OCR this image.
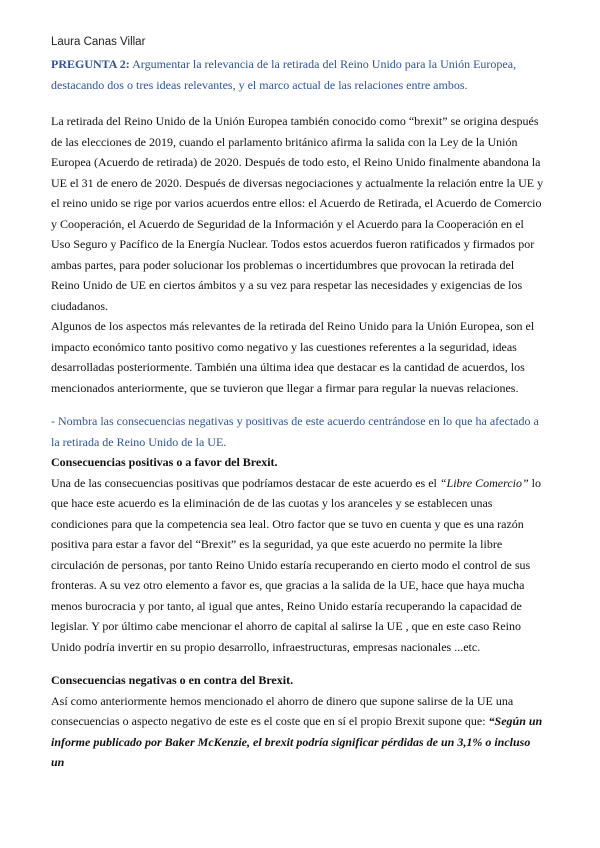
Laura Canas Villar

PREGUNTA 2: Argumentar la relevancia de la retirada del Reino Unido para la Unión Europea, destacando dos o tres ideas relevantes, y el marco actual de las relaciones entre ambos.

La retirada del Reino Unido de la Unión Europea también conocido como “brexit” se origina después de las elecciones de 2019, cuando el parlamento británico afirma la salida con la Ley de la Unión Europea (Acuerdo de retirada) de 2020. Después de todo esto, el Reino Unido finalmente abandona la UE el 31 de enero de 2020. Después de diversas negociaciones y actualmente la relación entre la UE y el reino unido se rige por varios acuerdos entre ellos: el Acuerdo de Retirada, el Acuerdo de Comercio y Cooperación, el Acuerdo de Seguridad de la Información y el Acuerdo para la Cooperación en el Uso Seguro y Pacífico de la Energía Nuclear. Todos estos acuerdos fueron ratificados y firmados por ambas partes, para poder solucionar los problemas o incertidumbres que provocan la retirada del Reino Unido de UE en ciertos ámbitos y a su vez para respetar las necesidades y exigencias de los ciudadanos.

Algunos de los aspectos más relevantes de la retirada del Reino Unido para la Unión Europea, son el impacto económico tanto positivo como negativo y las cuestiones referentes a la seguridad, ideas desarrolladas posteriormente. También una última idea que destacar es la cantidad de acuerdos, los mencionados anteriormente, que se tuvieron que llegar a firmar para regular la nuevas relaciones.

- Nombra las consecuencias negativas y positivas de este acuerdo centrándose en lo que ha afectado a la retirada de Reino Unido de la UE.

Consecuencias positivas o a favor del Brexit.

Una de las consecuencias positivas que podríamos destacar de este acuerdo es el “Libre Comercio” lo que hace este acuerdo es la eliminación de de las cuotas y los aranceles y se establecen unas condiciones para que la competencia sea leal. Otro factor que se tuvo en cuenta y que es una razón positiva para estar a favor del “Brexit” es la seguridad, ya que este acuerdo no permite la libre circulación de personas, por tanto Reino Unido estaría recuperando en cierto modo el control de sus fronteras. A su vez otro elemento a favor es, que gracias a la salida de la UE, hace que haya mucha menos burocracia y por tanto, al igual que antes, Reino Unido estaría recuperando la capacidad de legislar. Y por último cabe mencionar el ahorro de capital al salirse la UE , que en este caso Reino Unido podría invertir en su propio desarrollo, infraestructuras, empresas nacionales ...etc.

Consecuencias negativas o en contra del Brexit.

Así como anteriormente hemos mencionado el ahorro de dinero que supone salirse de la UE una consecuencias o aspecto negativo de este es el coste que en sí el propio Brexit supone que: “Según un informe publicado por Baker McKenzie, el brexit podría significar pérdidas de un 3,1% o incluso un
